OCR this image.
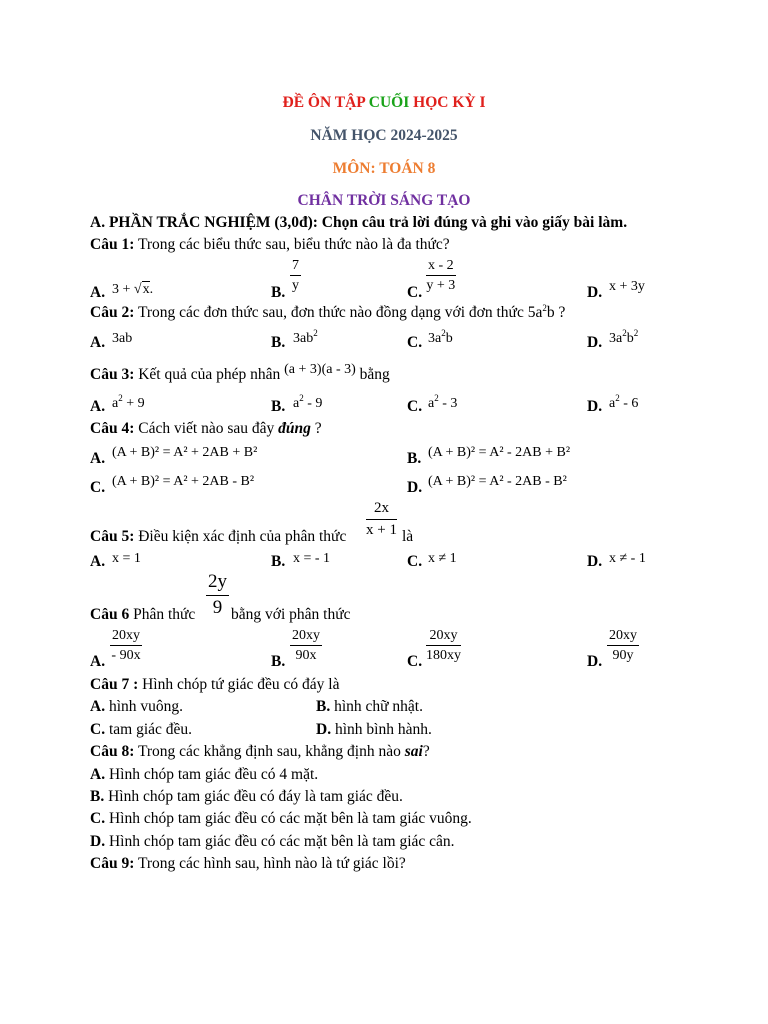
ĐỀ ÔN TẬP CUỐI HỌC KỲ I
NĂM HỌC 2024-2025
MÔN: TOÁN 8
CHÂN TRỜI SÁNG TẠO
A. PHẦN TRẮC NGHIỆM (3,0đ): Chọn câu trả lời đúng và ghi vào giấy bài làm.
Câu 1: Trong các biểu thức sau, biểu thức nào là đa thức?
A. 3 + √x.	B. $\frac{7}{y}$	C. $\frac{x - 2}{y + 3}$	D. x + 3y
Câu 2: Trong các đơn thức sau, đơn thức nào đồng dạng với đơn thức $5a^2b$ ?
A. 3ab	B. $3ab^2$
C. $3a^2b$	D. $3a^2b^2$
Câu 3: Kết quả của phép nhân (a + 3)(a - 3) bằng
A. $a^2 + 9$	B. $a^2 - 9$	C. $a^2 - 3$	D. $a^2 - 6$
Câu 4: Cách viết nào sau đây đúng ?
A. (A + B)² = A² + 2AB + B²	B. (A + B)² = A² - 2AB + B²
C. (A + B)² = A² + 2AB - B²	D. (A + B)² = A² - 2AB - B²
Câu 5: Điều kiện xác định của phân thức $\frac{2x}{x + 1}$ là
A. x = 1	B. x = - 1	C. x ≠ 1	D. x ≠ - 1
Câu 6 Phân thức $\frac{2y}{9}$ bằng với phân thức
A. $\frac{20xy}{- 90x}$	B. $\frac{20xy}{90x}$	C. $\frac{20xy}{180xy}$	D. $\frac{20xy}{90y}$
Câu 7 : Hình chóp tứ giác đều có đáy là
A. hình vuông.	B. hình chữ nhật.
C. tam giác đều.	D. hình bình hành.
Câu 8: Trong các khẳng định sau, khẳng định nào sai?
A. Hình chóp tam giác đều có 4 mặt.
B. Hình chóp tam giác đều có đáy là tam giác đều.
C. Hình chóp tam giác đều có các mặt bên là tam giác vuông.
D. Hình chóp tam giác đều có các mặt bên là tam giác cân.
Câu 9: Trong các hình sau, hình nào là tứ giác lồi?
